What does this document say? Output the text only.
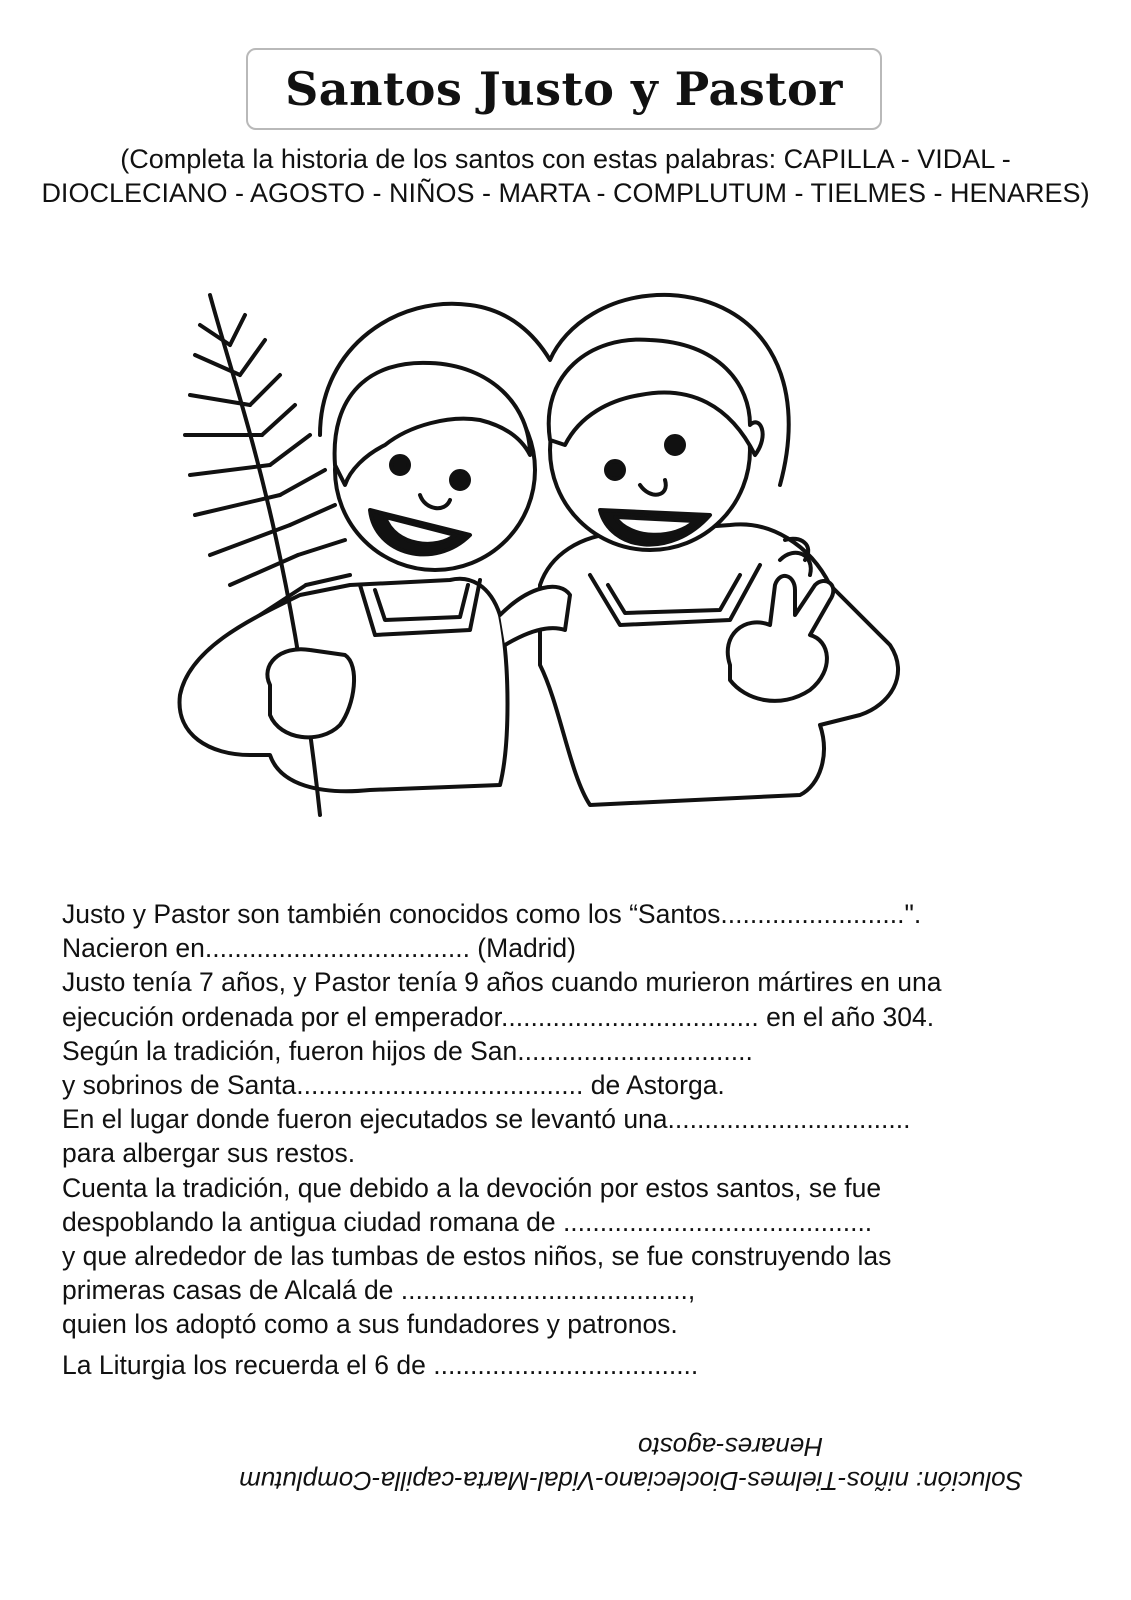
Santos Justo y Pastor
(Completa la historia de los santos con estas palabras: CAPILLA - VIDAL - DIOCLECIANO - AGOSTO - NIÑOS - MARTA - COMPLUTUM - TIELMES - HENARES)

Justo y Pastor son también conocidos como los “Santos.........................".

Nacieron en.................................... (Madrid)

Justo tenía 7 años, y Pastor tenía 9 años cuando murieron mártires en una

ejecución ordenada por el emperador................................... en el año 304.

Según la tradición, fueron hijos de San................................

y sobrinos de Santa....................................... de Astorga.

En el lugar donde fueron ejecutados se levantó una.................................

para albergar sus restos.

Cuenta la tradición, que debido a la devoción por estos santos, se fue

despoblando la antigua ciudad romana de ..........................................

y que alrededor de las tumbas de estos niños, se fue construyendo las

primeras casas de Alcalá de .......................................,

quien los adoptó como a sus fundadores y patronos.

La Liturgia los recuerda el 6 de ....................................

Solución: niños-Tielmes-Diocleciano-Vidal-Marta-capilla-Complutum

Henares-agosto
